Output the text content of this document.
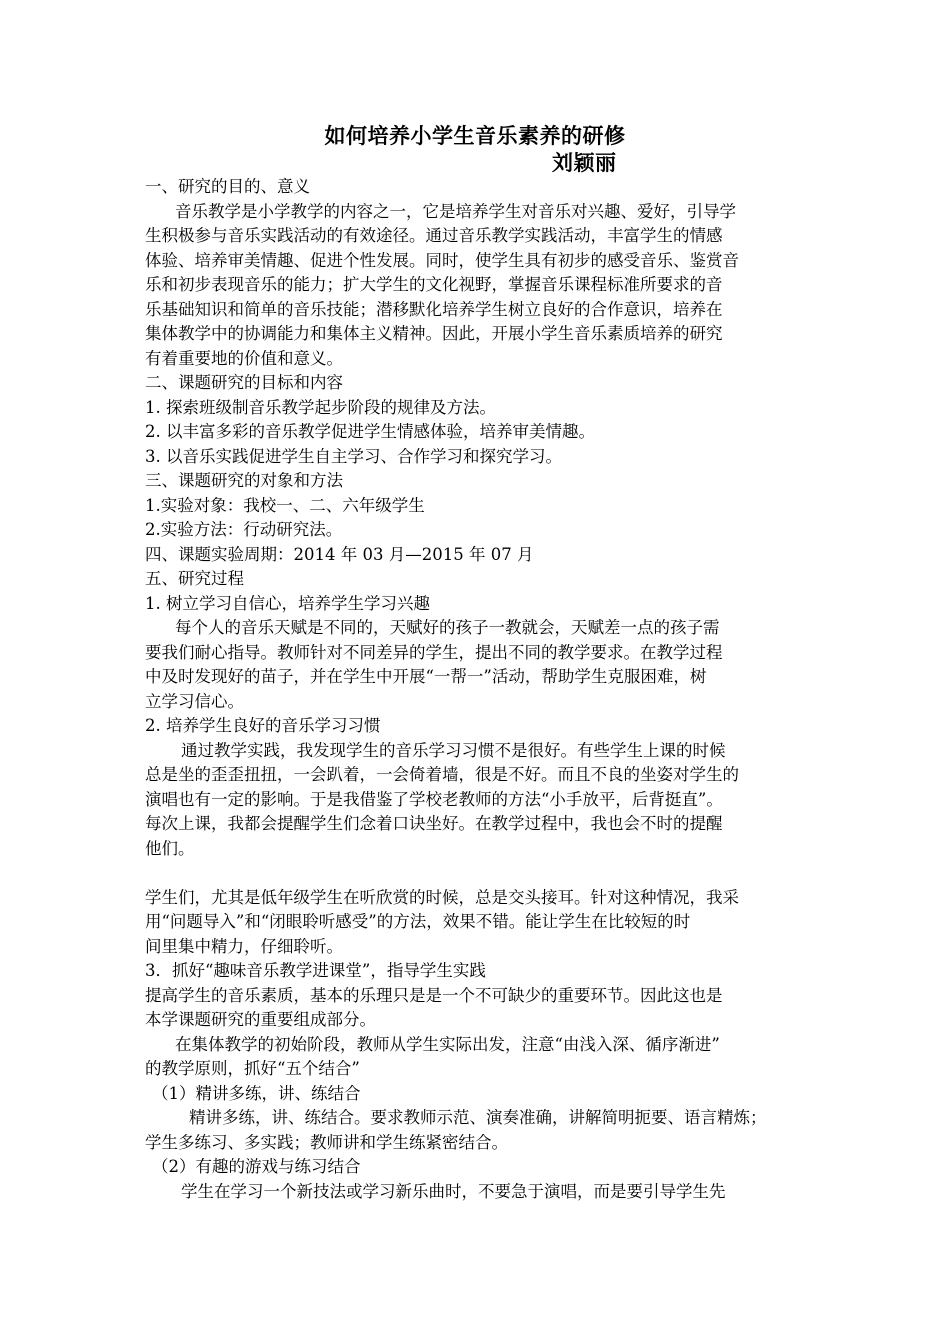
如何培养小学生音乐素养的研修
刘颖丽
一、研究的目的、意义
音乐教学是小学教学的内容之一，它是培养学生对音乐对兴趣、爱好，引导学
生积极参与音乐实践活动的有效途径。通过音乐教学实践活动，丰富学生的情感
体验、培养审美情趣、促进个性发展。同时，使学生具有初步的感受音乐、鉴赏音
乐和初步表现音乐的能力；扩大学生的文化视野，掌握音乐课程标准所要求的音
乐基础知识和简单的音乐技能；潜移默化培养学生树立良好的合作意识，培养在
集体教学中的协调能力和集体主义精神。因此，开展小学生音乐素质培养的研究
有着重要地的价值和意义。
二、课题研究的目标和内容
1. 探索班级制音乐教学起步阶段的规律及方法。
2. 以丰富多彩的音乐教学促进学生情感体验，培养审美情趣。
3. 以音乐实践促进学生自主学习、合作学习和探究学习。
三、课题研究的对象和方法
1.实验对象：我校一、二、六年级学生
2.实验方法：行动研究法。
四、课题实验周期：2014 年 03 月—2015 年 07 月
五、研究过程
1. 树立学习自信心，培养学生学习兴趣
每个人的音乐天赋是不同的，天赋好的孩子一教就会，天赋差一点的孩子需
要我们耐心指导。教师针对不同差异的学生，提出不同的教学要求。在教学过程
中及时发现好的苗子，并在学生中开展“一帮一”活动，帮助学生克服困难，树
立学习信心。
2. 培养学生良好的音乐学习习惯
通过教学实践，我发现学生的音乐学习习惯不是很好。有些学生上课的时候
总是坐的歪歪扭扭，一会趴着，一会倚着墙，很是不好。而且不良的坐姿对学生的
演唱也有一定的影响。于是我借鉴了学校老教师的方法“小手放平，后背挺直”。
每次上课，我都会提醒学生们念着口诀坐好。在教学过程中，我也会不时的提醒
他们。
学生们，尤其是低年级学生在听欣赏的时候，总是交头接耳。针对这种情况，我采
用“问题导入”和“闭眼聆听感受”的方法，效果不错。能让学生在比较短的时
间里集中精力，仔细聆听。
3．抓好“趣味音乐教学进课堂”，指导学生实践
提高学生的音乐素质，基本的乐理只是是一个不可缺少的重要环节。因此这也是
本学课题研究的重要组成部分。
在集体教学的初始阶段，教师从学生实际出发，注意“由浅入深、循序渐进”
的教学原则，抓好“五个结合”
（1）精讲多练，讲、练结合
精讲多练，讲、练结合。要求教师示范、演奏准确，讲解简明扼要、语言精炼；
学生多练习、多实践；教师讲和学生练紧密结合。
（2）有趣的游戏与练习结合
学生在学习一个新技法或学习新乐曲时，不要急于演唱，而是要引导学生先
